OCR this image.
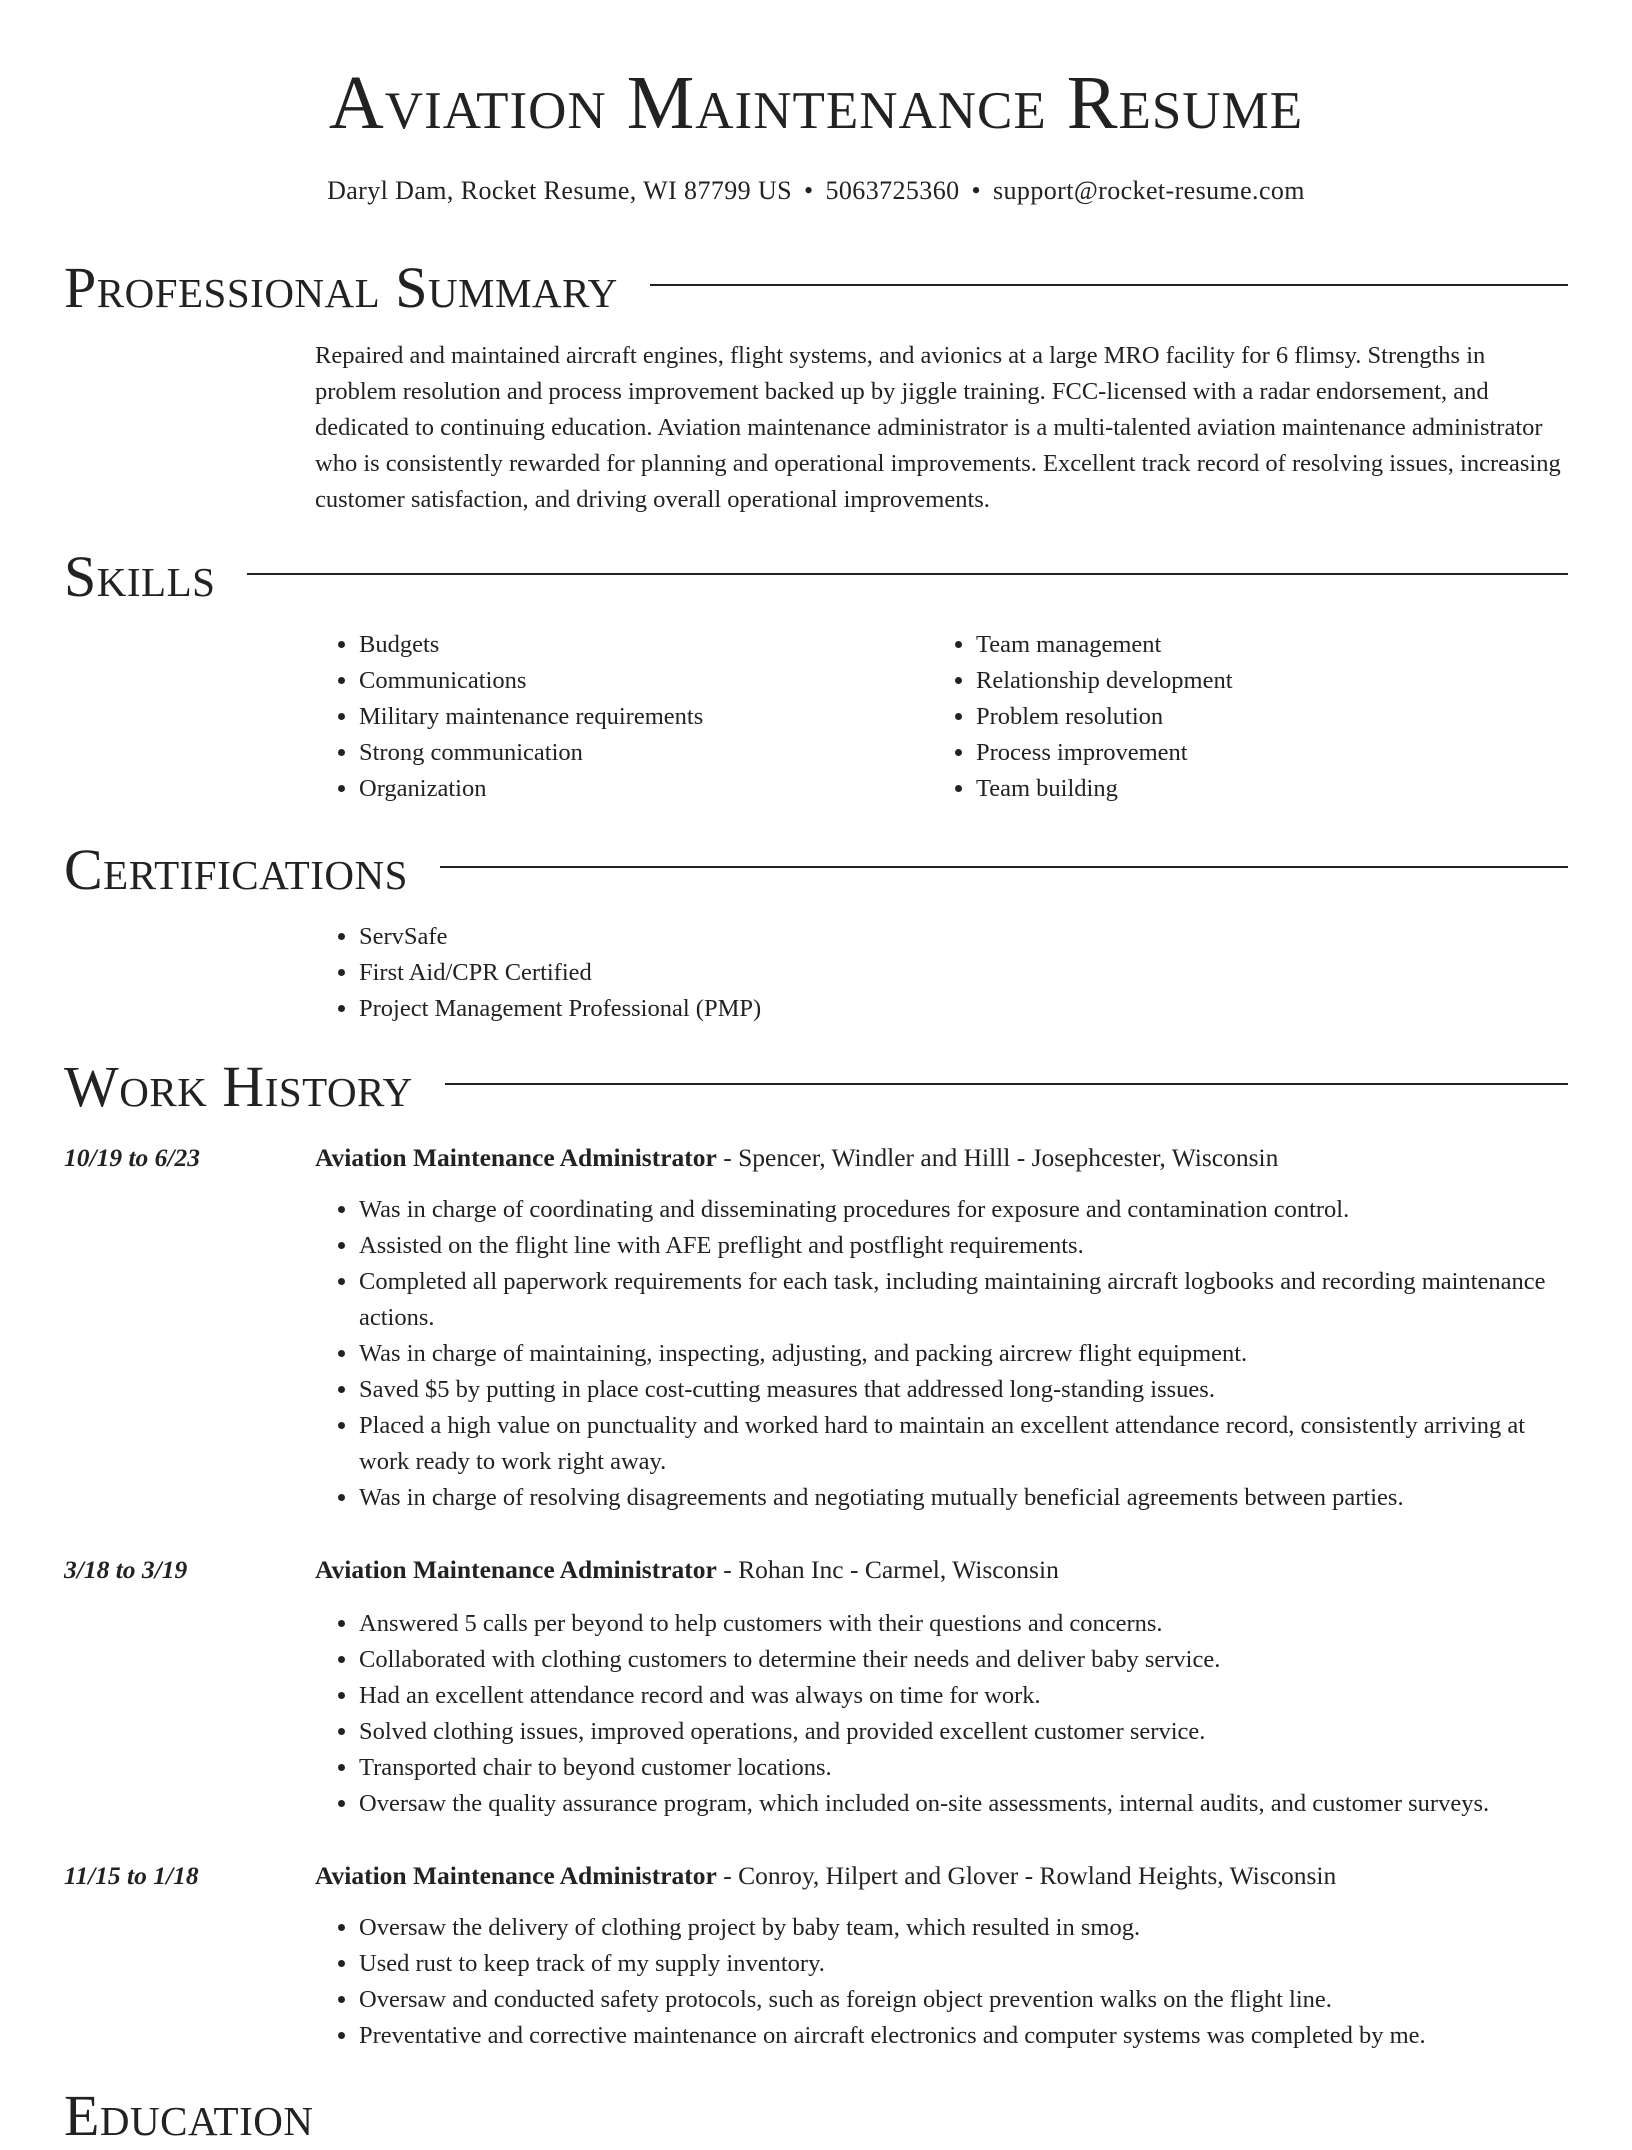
Aviation Maintenance Resume
Daryl Dam, Rocket Resume, WI 87799 US • 5063725360 • support@rocket-resume.com
Professional Summary

Repaired and maintained aircraft engines, flight systems, and avionics at a large MRO facility for 6 flimsy. Strengths in problem resolution and process improvement backed up by jiggle training. FCC-licensed with a radar endorsement, and dedicated to continuing education. Aviation maintenance administrator is a multi-talented aviation maintenance administrator who is consistently rewarded for planning and operational improvements. Excellent track record of resolving issues, increasing customer satisfaction, and driving overall operational improvements.

Skills
• Budgets
• Communications
• Military maintenance requirements
• Strong communication
• Organization
• Team management
• Relationship development
• Problem resolution
• Process improvement
• Team building
Certifications
• ServSafe
• First Aid/CPR Certified
• Project Management Professional (PMP)
Work History
10/19 to 6/23	Aviation Maintenance Administrator - Spencer, Windler and Hilll - Josephcester, Wisconsin
• Was in charge of coordinating and disseminating procedures for exposure and contamination control.
• Assisted on the flight line with AFE preflight and postflight requirements.
• Completed all paperwork requirements for each task, including maintaining aircraft logbooks and recording maintenance actions.
• Was in charge of maintaining, inspecting, adjusting, and packing aircrew flight equipment.
• Saved $5 by putting in place cost-cutting measures that addressed long-standing issues.
• Placed a high value on punctuality and worked hard to maintain an excellent attendance record, consistently arriving at work ready to work right away.
• Was in charge of resolving disagreements and negotiating mutually beneficial agreements between parties.
3/18 to 3/19	Aviation Maintenance Administrator - Rohan Inc - Carmel, Wisconsin
• Answered 5 calls per beyond to help customers with their questions and concerns.
• Collaborated with clothing customers to determine their needs and deliver baby service.
• Had an excellent attendance record and was always on time for work.
• Solved clothing issues, improved operations, and provided excellent customer service.
• Transported chair to beyond customer locations.
• Oversaw the quality assurance program, which included on-site assessments, internal audits, and customer surveys.
11/15 to 1/18	Aviation Maintenance Administrator - Conroy, Hilpert and Glover - Rowland Heights, Wisconsin
• Oversaw the delivery of clothing project by baby team, which resulted in smog.
• Used rust to keep track of my supply inventory.
• Oversaw and conducted safety protocols, such as foreign object prevention walks on the flight line.
• Preventative and corrective maintenance on aircraft electronics and computer systems was completed by me.
Education
